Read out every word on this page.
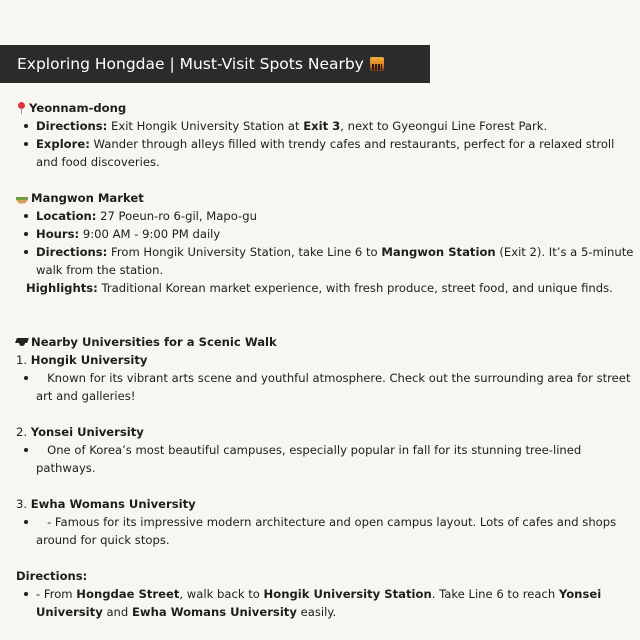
Exploring Hongdae | Must-Visit Spots Nearby
Yeonnam-dong
Directions: Exit Hongik University Station at Exit 3, next to Gyeongui Line Forest Park.
Explore: Wander through alleys filled with trendy cafes and restaurants, perfect for a relaxed stroll and food discoveries.
Mangwon Market
Location: 27 Poeun-ro 6-gil, Mapo-gu
Hours: 9:00 AM - 9:00 PM daily
Directions: From Hongik University Station, take Line 6 to Mangwon Station (Exit 2). It’s a 5-minute walk from the station.
Highlights: Traditional Korean market experience, with fresh produce, street food, and unique finds.
Nearby Universities for a Scenic Walk
1. Hongik University
Known for its vibrant arts scene and youthful atmosphere. Check out the surrounding area for street art and galleries!
2. Yonsei University
One of Korea’s most beautiful campuses, especially popular in fall for its stunning tree-lined pathways.
3. Ewha Womans University
- Famous for its impressive modern architecture and open campus layout. Lots of cafes and shops around for quick stops.
Directions:
- From Hongdae Street, walk back to Hongik University Station. Take Line 6 to reach Yonsei University and Ewha Womans University easily.
